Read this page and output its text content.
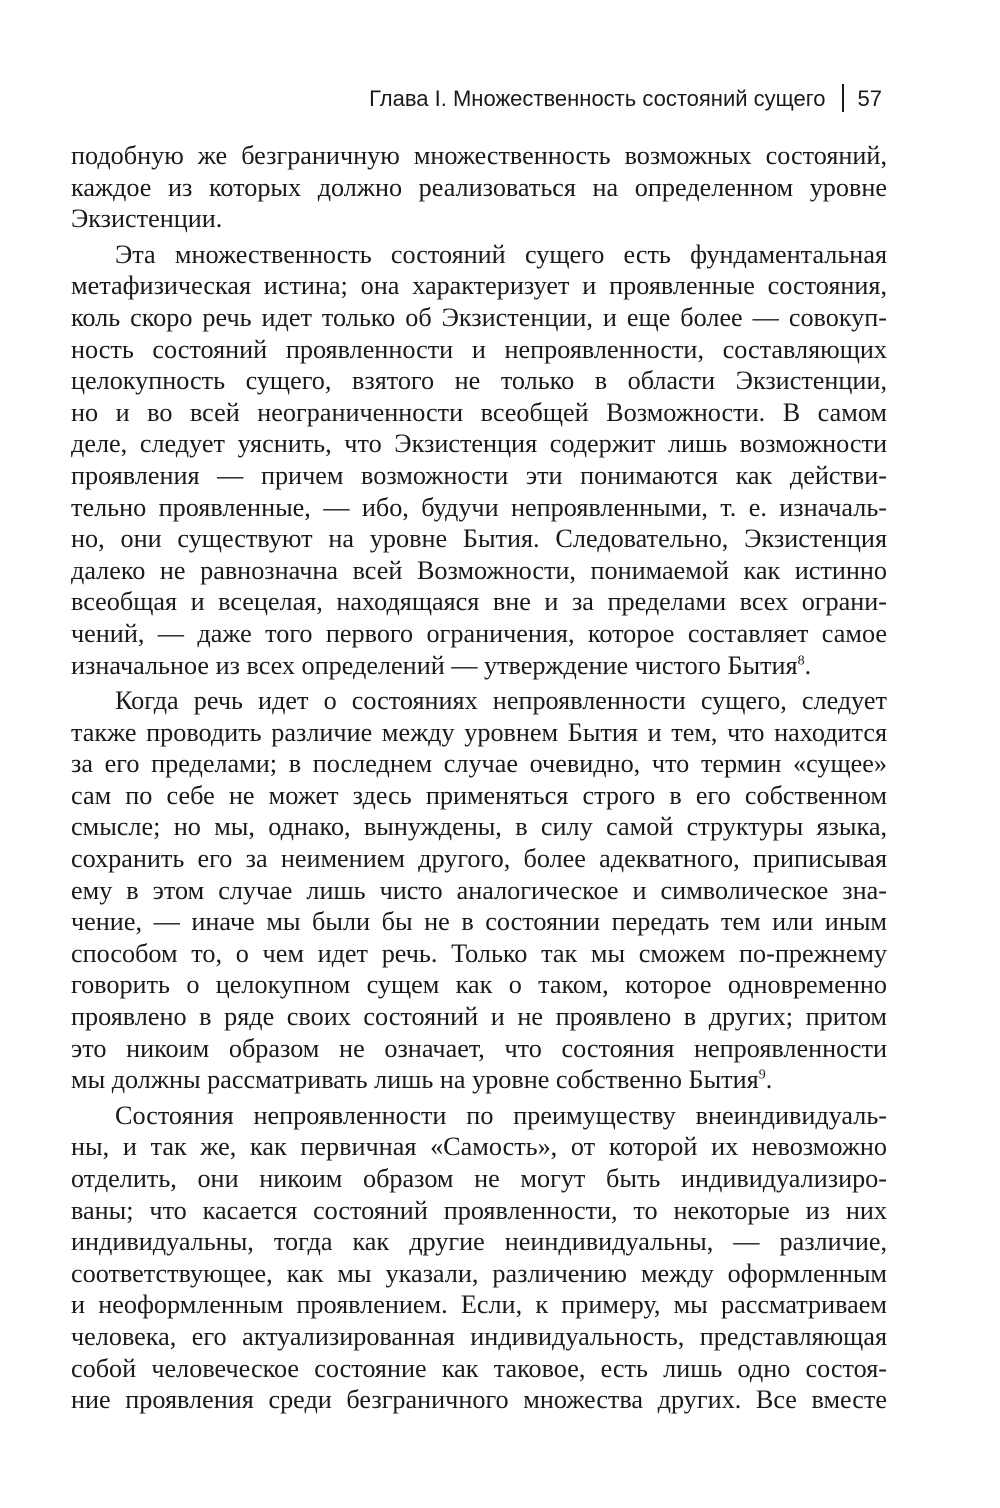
Глава I. Множественность состояний сущего 57
подобную же безграничную множественность возможных состояний,
каждое из которых должно реализоваться на определенном уровне
Экзистенции.
Эта множественность состояний сущего есть фундаментальная
метафизическая истина; она характеризует и проявленные состояния,
коль скоро речь идет только об Экзистенции, и еще более — совокуп-
ность состояний проявленности и непроявленности, составляющих
целокупность сущего, взятого не только в области Экзистенции,
но и во всей неограниченности всеобщей Возможности. В самом
деле, следует уяснить, что Экзистенция содержит лишь возможности
проявления — причем возможности эти понимаются как действи-
тельно проявленные, — ибо, будучи непроявленными, т. е. изначаль-
но, они существуют на уровне Бытия. Следовательно, Экзистенция
далеко не равнозначна всей Возможности, понимаемой как истинно
всеобщая и всецелая, находящаяся вне и за пределами всех ограни-
чений, — даже того первого ограничения, которое составляет самое
изначальное из всех определений — утверждение чистого Бытия$^8$.
Когда речь идет о состояниях непроявленности сущего, следует
также проводить различие между уровнем Бытия и тем, что находится
за его пределами; в последнем случае очевидно, что термин «сущее»
сам по себе не может здесь применяться строго в его собственном
смысле; но мы, однако, вынуждены, в силу самой структуры языка,
сохранить его за неимением другого, более адекватного, приписывая
ему в этом случае лишь чисто аналогическое и символическое зна-
чение, — иначе мы были бы не в состоянии передать тем или иным
способом то, о чем идет речь. Только так мы сможем по-прежнему
говорить о целокупном сущем как о таком, которое одновременно
проявлено в ряде своих состояний и не проявлено в других; притом
это никоим образом не означает, что состояния непроявленности
мы должны рассматривать лишь на уровне собственно Бытия$^9$.
Состояния непроявленности по преимуществу внеиндивидуаль-
ны, и так же, как первичная «Самость», от которой их невозможно
отделить, они никоим образом не могут быть индивидуализиро-
ваны; что касается состояний проявленности, то некоторые из них
индивидуальны, тогда как другие неиндивидуальны, — различие,
соответствующее, как мы указали, различению между оформленным
и неоформленным проявлением. Если, к примеру, мы рассматриваем
человека, его актуализированная индивидуальность, представляющая
собой человеческое состояние как таковое, есть лишь одно состоя-
ние проявления среди безграничного множества других. Все вместе
